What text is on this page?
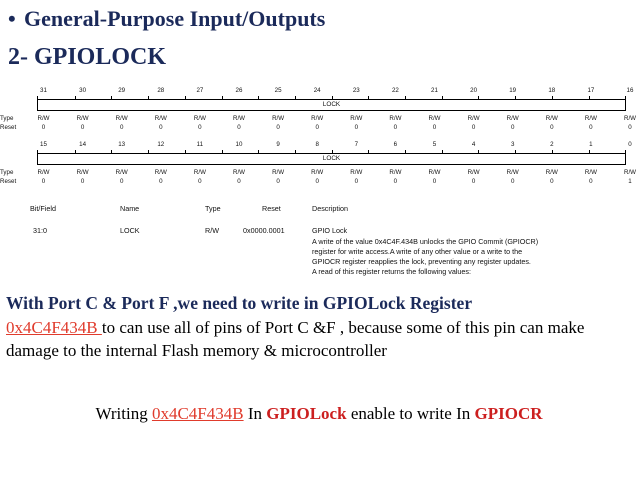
• General-Purpose Input/Outputs
2- GPIOLOCK
31	30	29	28	27	26	25	24	23	22	21	20	19	18	17	16
LOCK
Type	R/W	R/W	R/W	R/W	R/W	R/W	R/W	R/W	R/W	R/W	R/W	R/W	R/W	R/W	R/W	R/W
Reset	0	0	0	0	0	0	0	0	0	0	0	0	0	0	0	0
15	14	13	12	11	10	9	8	7	6	5	4	3	2	1	0
LOCK
Type	R/W	R/W	R/W	R/W	R/W	R/W	R/W	R/W	R/W	R/W	R/W	R/W	R/W	R/W	R/W	R/W
Reset	0	0	0	0	0	0	0	0	0	0	0	0	0	0	0	1
Bit/Field	Name	Type	Reset	Description
31:0	LOCK	R/W	0x0000.0001	GPIO Lock
A write of the value 0x4C4F.434B unlocks the GPIO Commit (GPIOCR)
register for write access.A write of any other value or a write to the
GPIOCR register reapplies the lock, preventing any register updates.
A read of this register returns the following values:
With Port C & Port F ,we need to write in GPIOLock Register
0x4C4F434B to can use all of pins of Port C &F , because some of this pin can make damage to the internal Flash memory & microcontroller
Writing 0x4C4F434B In GPIOLock enable to write In GPIOCR
